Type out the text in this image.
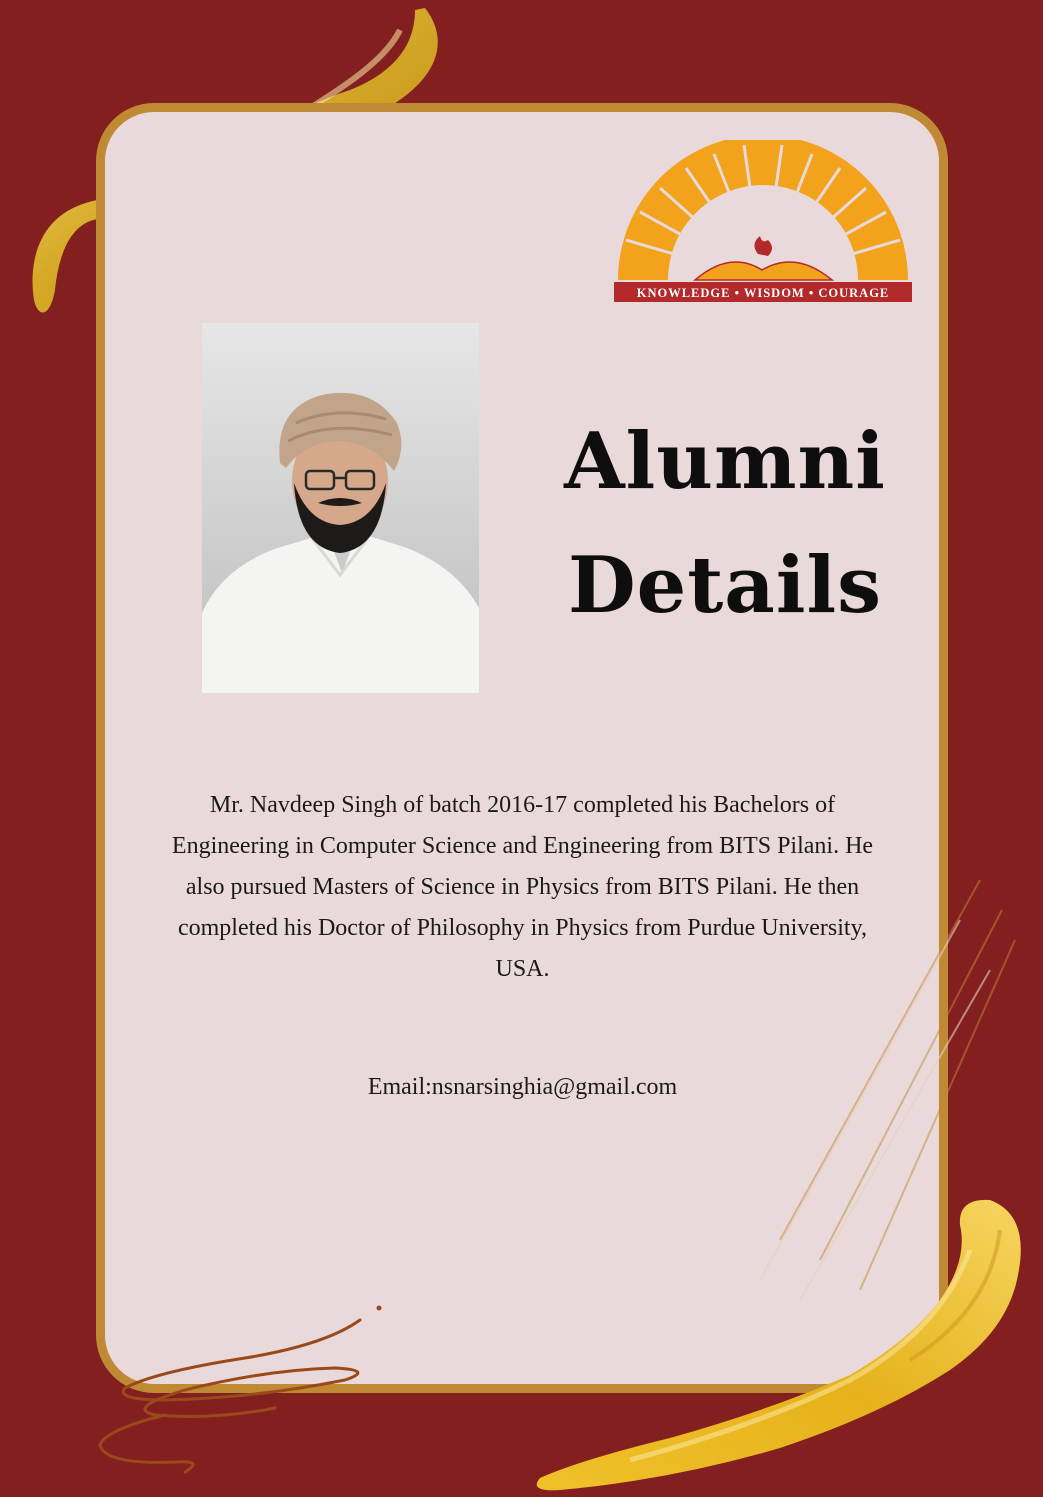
KNOWLEDGE • WISDOM • COURAGE
Alumni
Details

Mr. Navdeep Singh of batch 2016-17 completed his Bachelors of Engineering in Computer Science and Engineering from BITS Pilani. He also pursued Masters of Science in Physics from BITS Pilani. He then completed his Doctor of Philosophy in Physics from Purdue University, USA.

Email:nsnarsinghia@gmail.com
